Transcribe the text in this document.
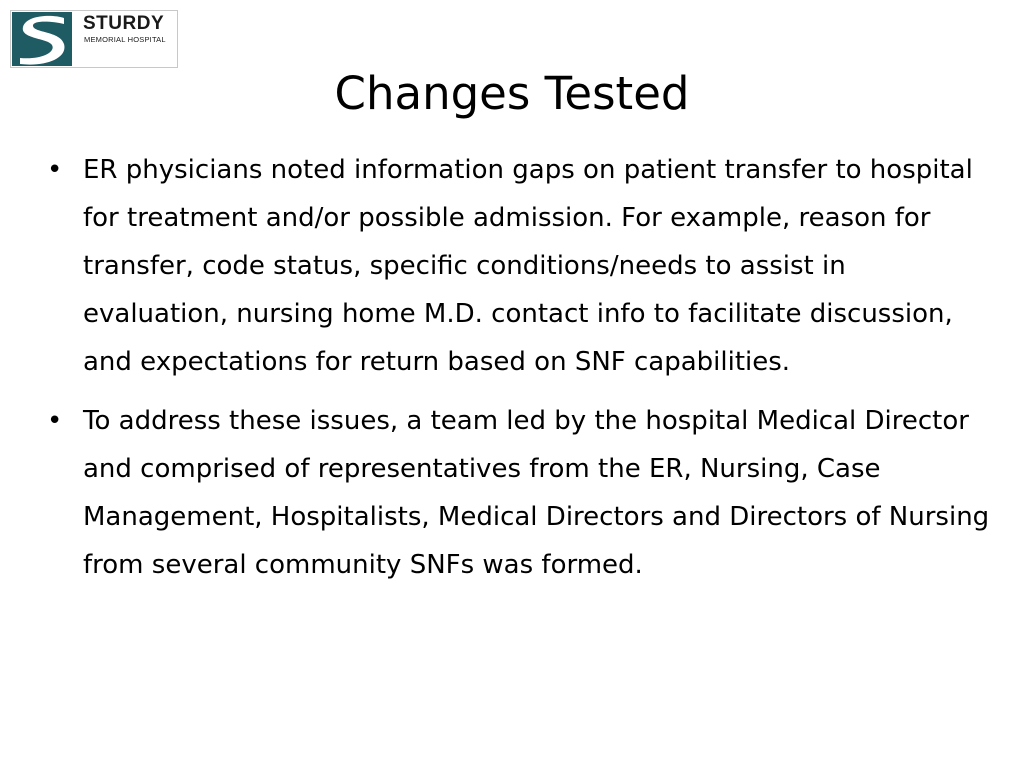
STURDY
MEMORIAL HOSPITAL
Changes Tested
• ER physicians noted information gaps on patient transfer to hospital for treatment and/or possible admission. For example, reason for transfer, code status, specific conditions/needs to assist in evaluation, nursing home M.D. contact info to facilitate discussion, and expectations for return based on SNF capabilities.
• To address these issues, a team led by the hospital Medical Director and comprised of representatives from the ER, Nursing, Case Management, Hospitalists, Medical Directors and Directors of Nursing from several community SNFs was formed.
